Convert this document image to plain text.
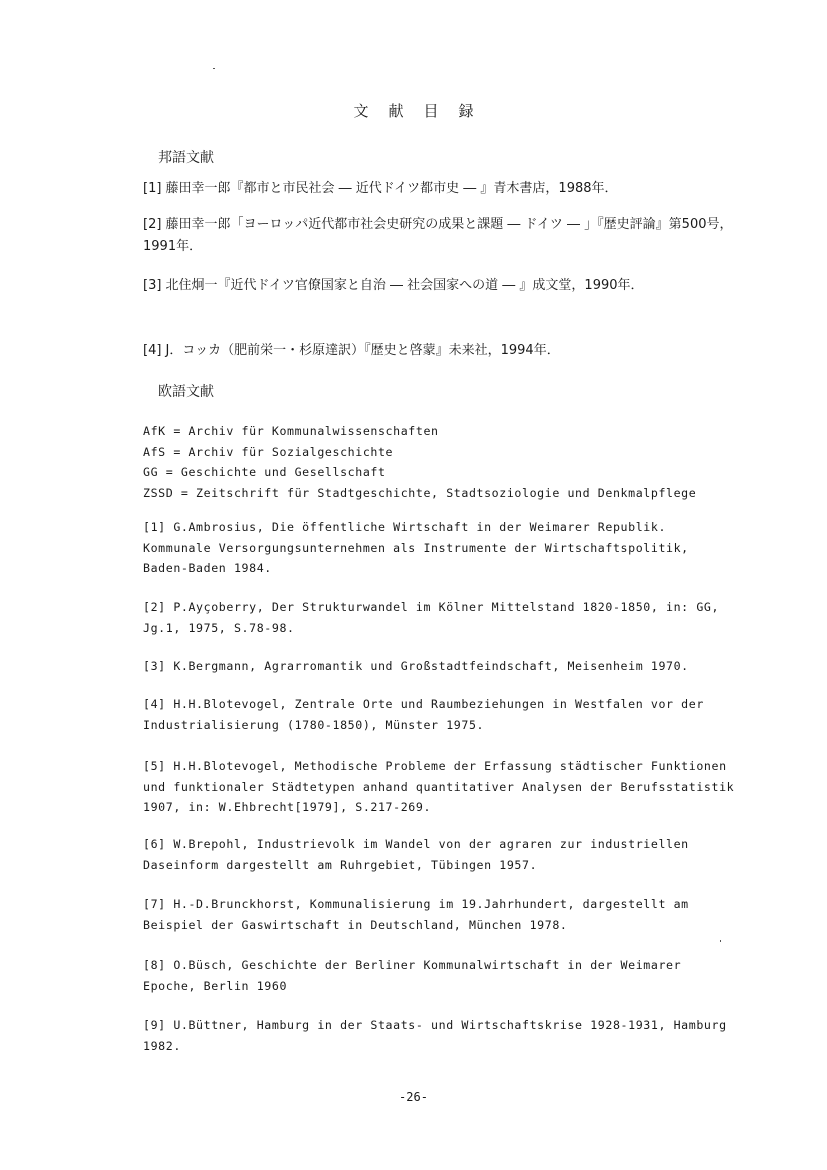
文献目録
邦語文献
[1] 藤田幸一郎『都市と市民社会 ― 近代ドイツ都市史 ― 』青木書店，1988年．
[2] 藤田幸一郎「ヨーロッパ近代都市社会史研究の成果と課題 ― ドイツ ― 」『歴史評論』第500号，1991年．
[3] 北住炯一『近代ドイツ官僚国家と自治 ― 社会国家への道 ― 』成文堂，1990年．
[4] J．コッカ（肥前栄一・杉原達訳）『歴史と啓蒙』未来社，1994年．
欧語文献
AfK = Archiv für Kommunalwissenschaften
AfS = Archiv für Sozialgeschichte
GG = Geschichte und Gesellschaft
ZSSD = Zeitschrift für Stadtgeschichte, Stadtsoziologie und Denkmalpflege
[1] G.Ambrosius, Die öffentliche Wirtschaft in der Weimarer Republik. Kommunale Versorgungsunternehmen als Instrumente der Wirtschaftspolitik, Baden-Baden 1984.
[2] P.Ayçoberry, Der Strukturwandel im Kölner Mittelstand 1820-1850, in: GG, Jg.1, 1975, S.78-98.
[3] K.Bergmann, Agrarromantik und Großstadtfeindschaft, Meisenheim 1970.
[4] H.H.Blotevogel, Zentrale Orte und Raumbeziehungen in Westfalen vor der Industrialisierung (1780-1850), Münster 1975.
[5] H.H.Blotevogel, Methodische Probleme der Erfassung städtischer Funktionen und funktionaler Städtetypen anhand quantitativer Analysen der Berufsstatistik 1907, in: W.Ehbrecht[1979], S.217-269.
[6] W.Brepohl, Industrievolk im Wandel von der agraren zur industriellen Daseinform dargestellt am Ruhrgebiet, Tübingen 1957.
[7] H.-D.Brunckhorst, Kommunalisierung im 19.Jahrhundert, dargestellt am Beispiel der Gaswirtschaft in Deutschland, München 1978.
[8] O.Büsch, Geschichte der Berliner Kommunalwirtschaft in der Weimarer Epoche, Berlin 1960
[9] U.Büttner, Hamburg in der Staats- und Wirtschaftskrise 1928-1931, Hamburg 1982.
-26-
